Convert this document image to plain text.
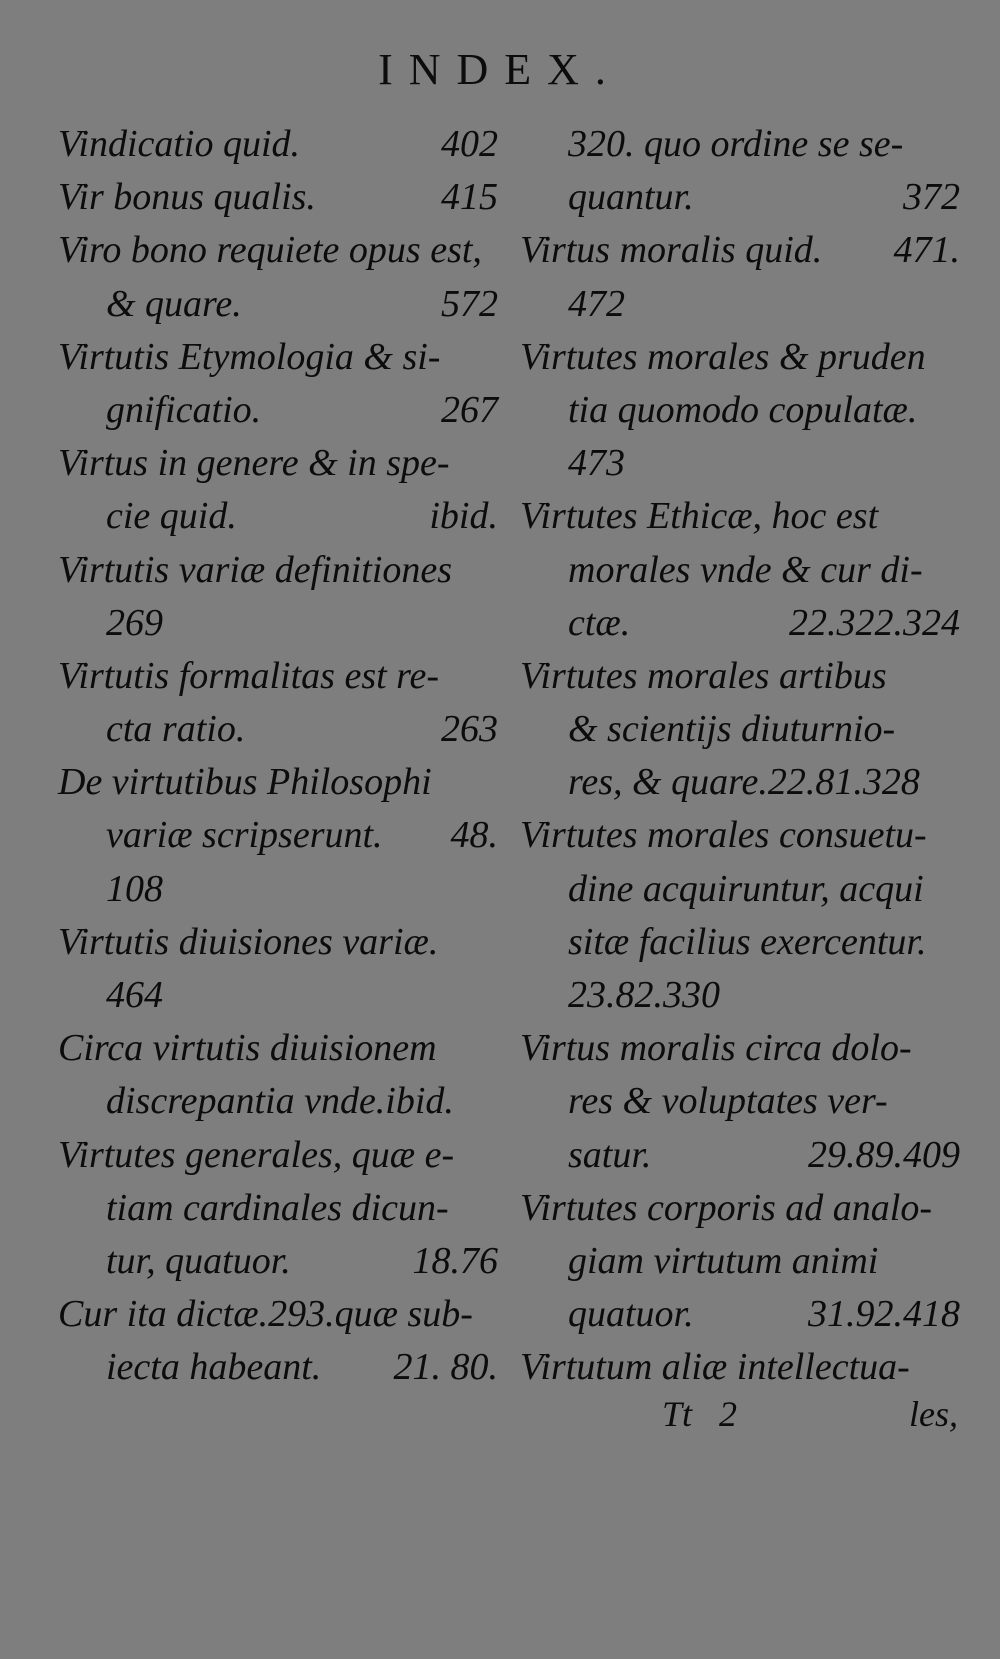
INDEX.
Vindicatio quid.	402
Vir bonus qualis.	415
Viro bono requiete opus est,
& quare.	572
Virtutis Etymologia & si-
gnificatio.	267
Virtus in genere & in spe-
cie quid.	ibid.
Virtutis variæ definitiones
269
Virtutis formalitas est re-
cta ratio.	263
De virtutibus Philosophi
variæ scripserunt. 48.
108
Virtutis diuisiones variæ.
464
Circa virtutis diuisionem
discrepantia vnde.ibid.
Virtutes generales, quæ e-
tiam cardinales dicun-
tur, quatuor.	18.76
Cur ita dictæ.293.quæ sub-
iecta habeant. 21. 80.
320. quo ordine se se-
quantur.	372
Virtus moralis quid. 471.
472
Virtutes morales & pruden
tia quomodo copulatæ.
473
Virtutes Ethicæ, hoc est
morales vnde & cur di-
ctæ.	22.322.324
Virtutes morales artibus
& scientijs diuturnio-
res, & quare.22.81.328
Virtutes morales consuetu-
dine acquiruntur, acqui
sitæ facilius exercentur.
23.82.330
Virtus moralis circa dolo-
res & voluptates ver-
satur.	29.89.409
Virtutes corporis ad analo-
giam virtutum animi
quatuor.	31.92.418
Virtutum aliæ intellectua-
Tt 2	les,
